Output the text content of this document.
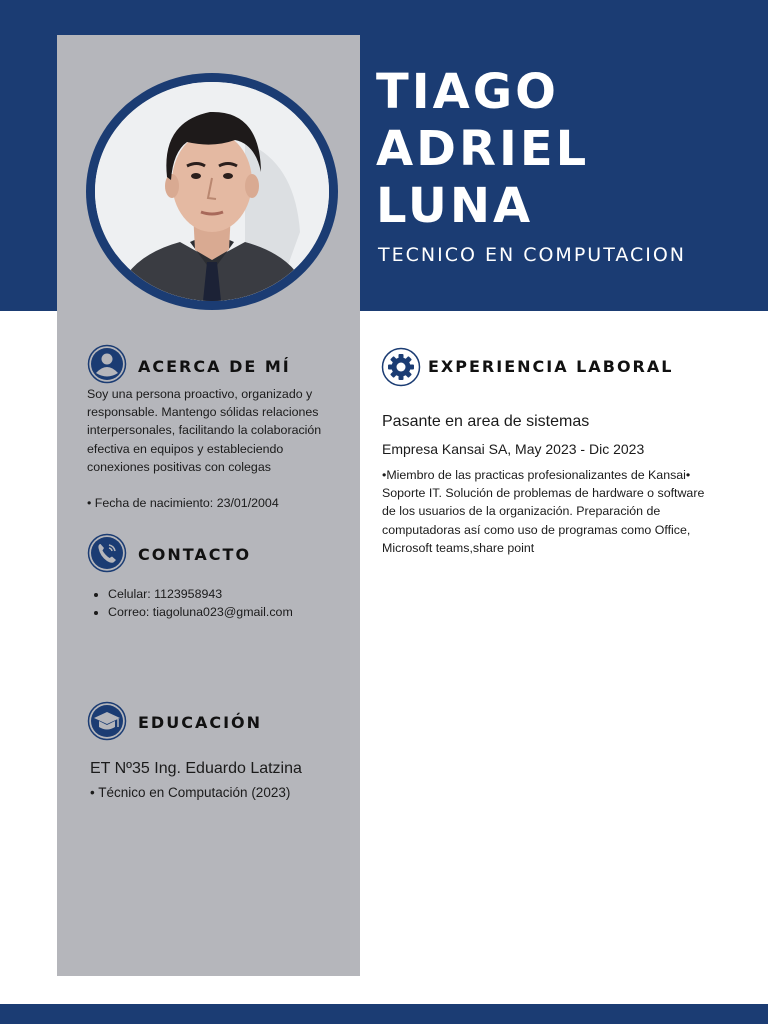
TIAGO
ADRIEL
LUNA
TECNICO EN COMPUTACION
ACERCA DE MÍ
Soy una persona proactivo, organizado y responsable. Mantengo sólidas relaciones interpersonales, facilitando la colaboración efectiva en equipos y estableciendo conexiones positivas con colegas
• Fecha de nacimiento: 23/01/2004
CONTACTO
• Celular: 1123958943
• Correo: tiagoluna023@gmail.com
EDUCACIÓN
ET Nº35 Ing. Eduardo Latzina
• Técnico en Computación (2023)
EXPERIENCIA LABORAL
Pasante en area de sistemas
Empresa Kansai SA, May 2023 - Dic 2023
•Miembro de las practicas profesionalizantes de Kansai• Soporte IT. Solución de problemas de hardware o software de los usuarios de la organización. Preparación de computadoras así como uso de programas como Office, Microsoft teams,share point
